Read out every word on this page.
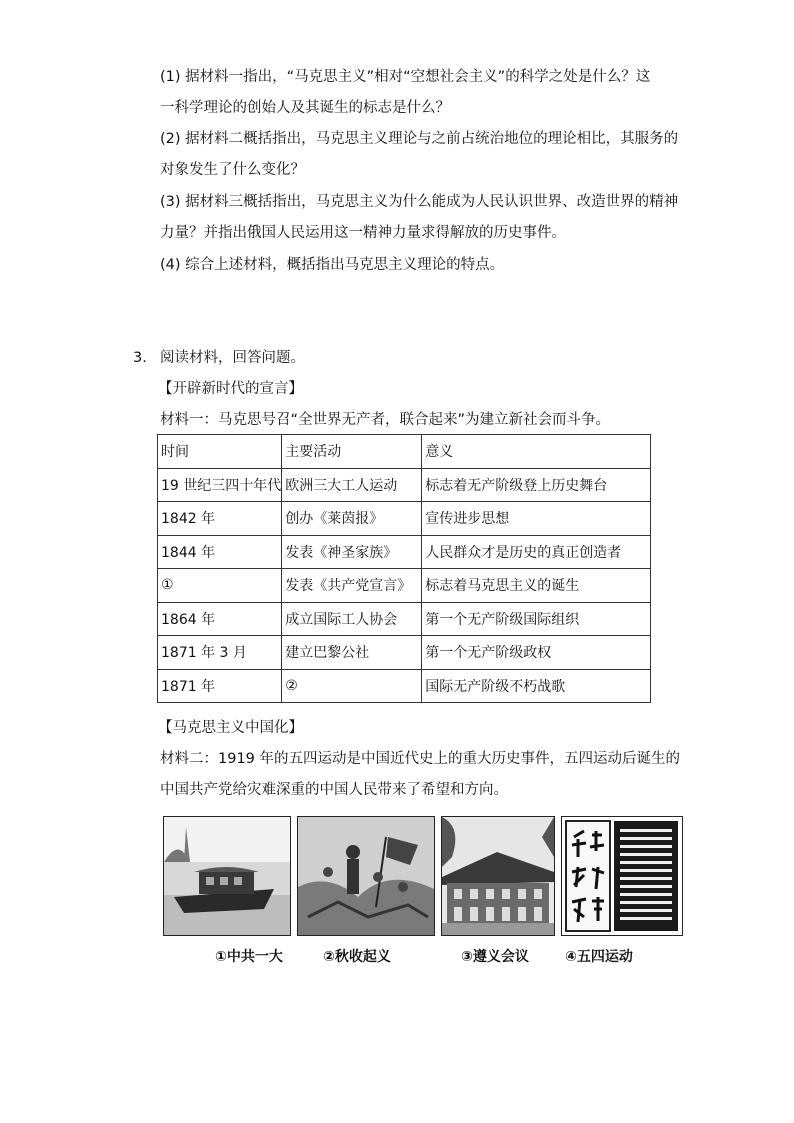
(1) 据材料一指出，“马克思主义”相对“空想社会主义”的科学之处是什么？这
一科学理论的创始人及其诞生的标志是什么？
(2) 据材料二概括指出，马克思主义理论与之前占统治地位的理论相比，其服务的
对象发生了什么变化？
(3) 据材料三概括指出，马克思主义为什么能成为人民认识世界、改造世界的精神
力量？并指出俄国人民运用这一精神力量求得解放的历史事件。
(4) 综合上述材料，概括指出马克思主义理论的特点。
3. 阅读材料，回答问题。
【开辟新时代的宣言】
材料一：马克思号召“全世界无产者，联合起来”为建立新社会而斗争。
时间	主要活动	意义
19 世纪三四十年代	欧洲三大工人运动	标志着无产阶级登上历史舞台
1842 年	创办《莱茵报》	宣传进步思想
1844 年	发表《神圣家族》	人民群众才是历史的真正创造者
①	发表《共产党宣言》	标志着马克思主义的诞生
1864 年	成立国际工人协会	第一个无产阶级国际组织
1871 年 3 月	建立巴黎公社	第一个无产阶级政权
1871 年	②	国际无产阶级不朽战歌
【马克思主义中国化】
材料二：1919 年的五四运动是中国近代史上的重大历史事件，五四运动后诞生的
中国共产党给灾难深重的中国人民带来了希望和方向。
①中共一大	②秋收起义	③遵义会议	④五四运动
